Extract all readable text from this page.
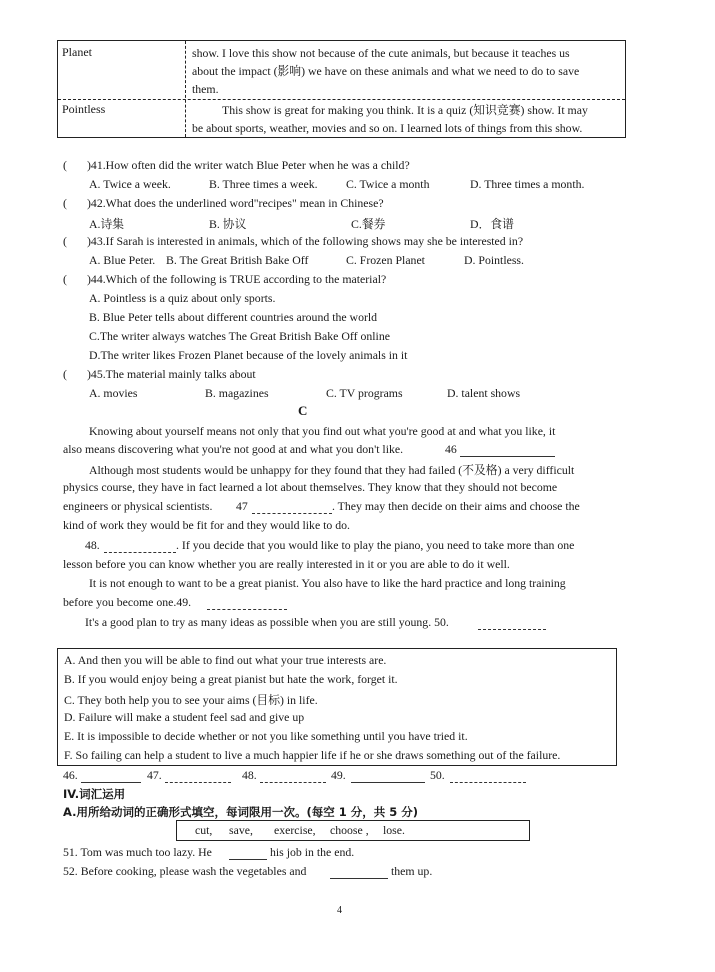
Planet	show. I love this show not because of the cute animals, but because it teaches us
about the impact (影响) we have on these animals and what we need to do to save
them.
Pointless	This show is great for making you think. It is a quiz (知识竞赛) show. It may
be about sports, weather, movies and so on. I learned lots of things from this show.
( )41.How often did the writer watch Blue Peter when he was a child?
A. Twice a week.	B. Three times a week. C. Twice a month	D. Three times a month.
( )42.What does the underlined word"recipes" mean in Chinese?
A.诗集	B. 协议	C.餐券	D．食谱
( )43.If Sarah is interested in animals, which of the following shows may she be interested in?
A. Blue Peter. B. The Great British Bake Off	C. Frozen Planet	D. Pointless.
( )44.Which of the following is TRUE according to the material?
A. Pointless is a quiz about only sports.
B. Blue Peter tells about different countries around the world
C.The writer always watches The Great British Bake Off online
D.The writer likes Frozen Planet because of the lovely animals in it
( )45.The material mainly talks about
A. movies	B. magazines	C. TV programs	D. talent shows
C
Knowing about yourself means not only that you find out what you're good at and what you like, it
also means discovering what you're not good at and what you don't like.	46
Although most students would be unhappy for they found that they had failed (不及格) a very difficult
physics course, they have in fact learned a lot about themselves. They know that they should not become
engineers or physical scientists. 47	. They may then decide on their aims and choose the
kind of work they would be fit for and they would like to do.
48.	. If you decide that you would like to play the piano, you need to take more than one
lesson before you can know whether you are really interested in it or you are able to do it well.
It is not enough to want to be a great pianist. You also have to like the hard practice and long training
before you become one.49.
It's a good plan to try as many ideas as possible when you are still young. 50.
A. And then you will be able to find out what your true interests are.
B. If you would enjoy being a great pianist but hate the work, forget it.
C. They both help you to see your aims (目标) in life.
D. Failure will make a student feel sad and give up
E. It is impossible to decide whether or not you like something until you have tried it.
F. So failing can help a student to live a much happier life if he or she draws something out of the failure.
46.	47.	48.	49.	50.
IV.词汇运用
A.用所给动词的正确形式填空，每词限用一次。(每空 1 分，共 5 分)
cut, save, exercise, choose , lose.
51. Tom was much too lazy. He	his job in the end.
52. Before cooking, please wash the vegetables and	them up.
4
